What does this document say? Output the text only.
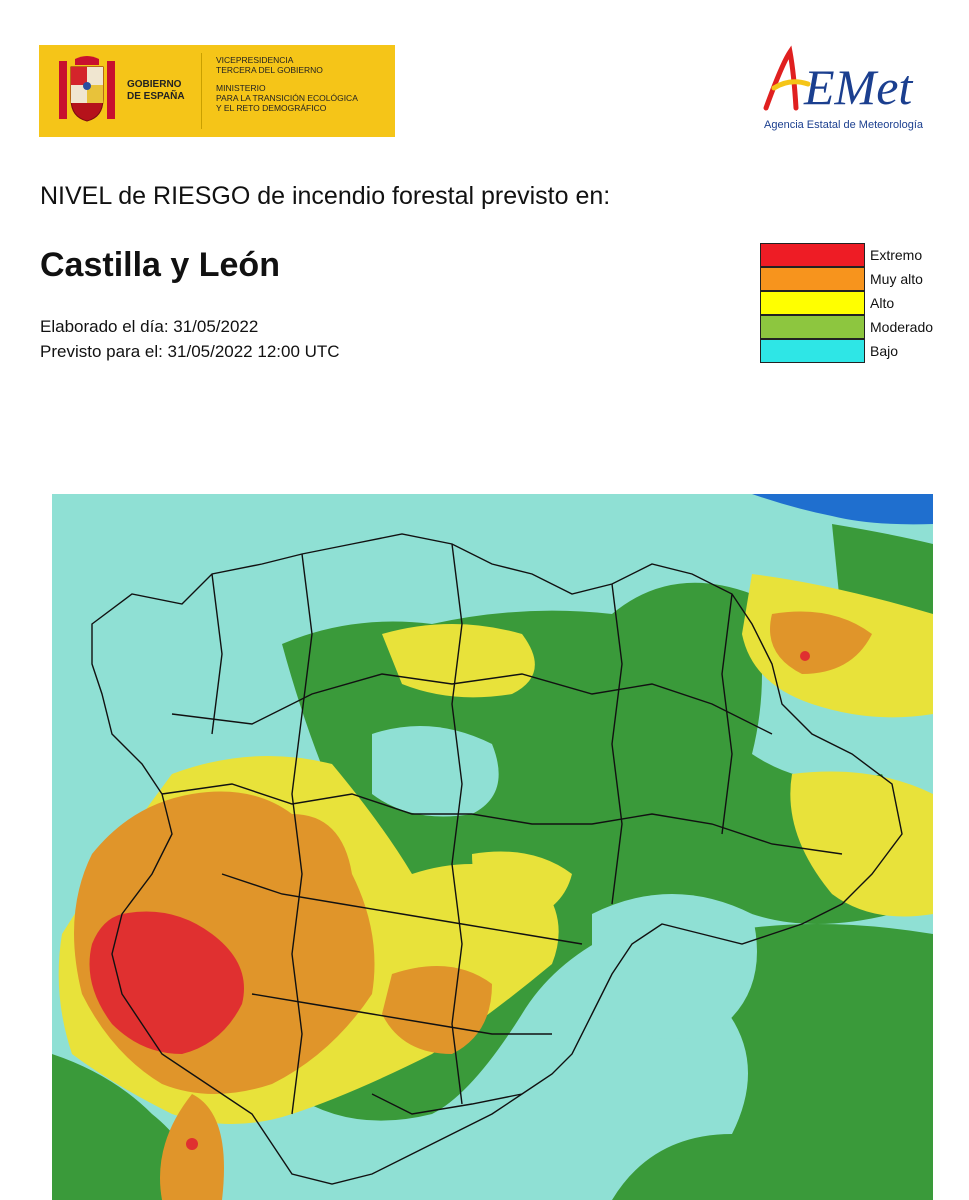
GOBIERNO
DE ESPAÑA
VICEPRESIDENCIA
TERCERA DEL GOBIERNO
MINISTERIO
PARA LA TRANSICIÓN ECOLÓGICA
Y EL RETO DEMOGRÁFICO	EMet
Agencia Estatal de Meteorología
NIVEL de RIESGO de incendio forestal previsto en:
Castilla y León
Elaborado el día: 31/05/2022
Previsto para el: 31/05/2022 12:00 UTC
Extremo
Muy alto
Alto
Moderado
Bajo
